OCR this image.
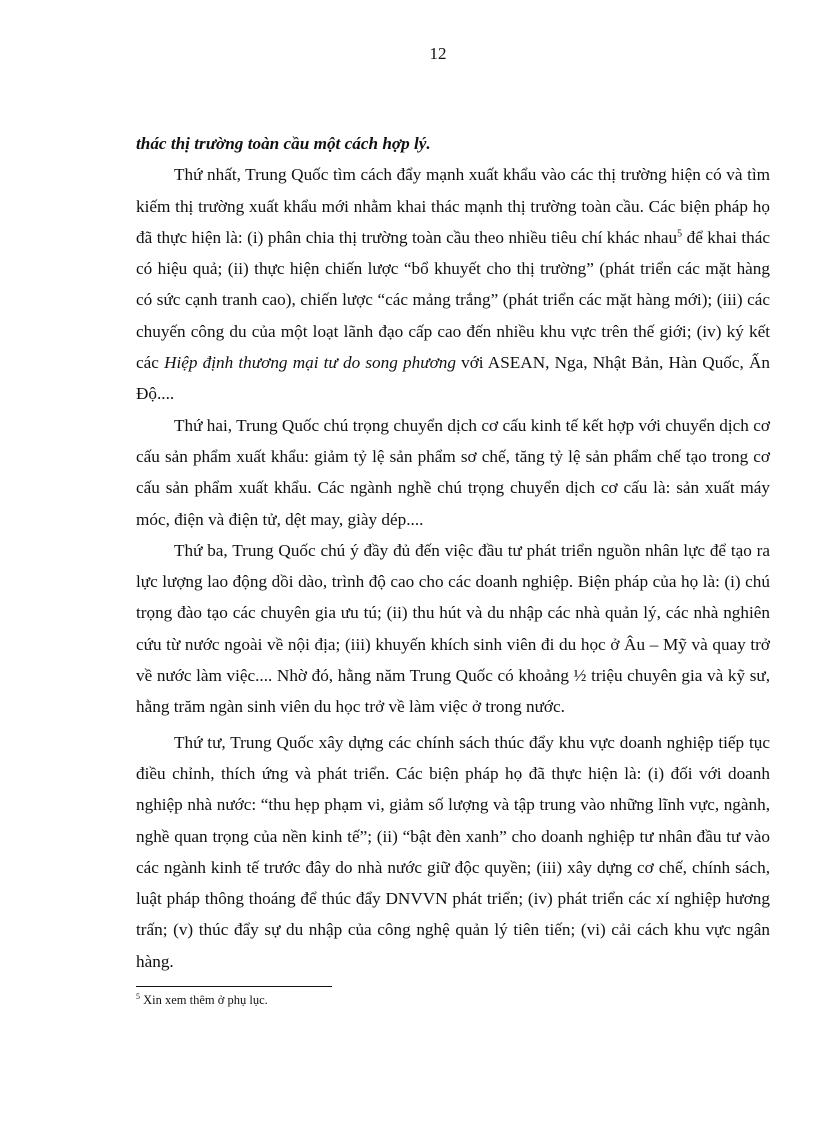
12

thác thị trường toàn cầu một cách hợp lý.

Thứ nhất, Trung Quốc tìm cách đẩy mạnh xuất khẩu vào các thị trường hiện có và tìm kiếm thị trường xuất khẩu mới nhằm khai thác mạnh thị trường toàn cầu. Các biện pháp họ đã thực hiện là: (i) phân chia thị trường toàn cầu theo nhiều tiêu chí khác nhau$^5$ để khai thác có hiệu quả; (ii) thực hiện chiến lược “bổ khuyết cho thị trường” (phát triển các mặt hàng có sức cạnh tranh cao), chiến lược “các mảng trắng” (phát triển các mặt hàng mới); (iii) các chuyến công du của một loạt lãnh đạo cấp cao đến nhiều khu vực trên thế giới; (iv) ký kết các Hiệp định thương mại tư do song phương với ASEAN, Nga, Nhật Bản, Hàn Quốc, Ấn Độ....

Thứ hai, Trung Quốc chú trọng chuyển dịch cơ cấu kinh tế kết hợp với chuyển dịch cơ cấu sản phẩm xuất khẩu: giảm tỷ lệ sản phẩm sơ chế, tăng tỷ lệ sản phẩm chế tạo trong cơ cấu sản phẩm xuất khẩu. Các ngành nghề chú trọng chuyển dịch cơ cấu là: sản xuất máy móc, điện và điện tử, dệt may, giày dép....

Thứ ba, Trung Quốc chú ý đầy đủ đến việc đầu tư phát triển nguồn nhân lực để tạo ra lực lượng lao động dồi dào, trình độ cao cho các doanh nghiệp. Biện pháp của họ là: (i) chú trọng đào tạo các chuyên gia ưu tú; (ii) thu hút và du nhập các nhà quản lý, các nhà nghiên cứu từ nước ngoài về nội địa; (iii) khuyến khích sinh viên đi du học ở Âu – Mỹ và quay trở về nước làm việc.... Nhờ đó, hằng năm Trung Quốc có khoảng ½ triệu chuyên gia và kỹ sư, hằng trăm ngàn sinh viên du học trở về làm việc ở trong nước.

Thứ tư, Trung Quốc xây dựng các chính sách thúc đẩy khu vực doanh nghiệp tiếp tục điều chỉnh, thích ứng và phát triển. Các biện pháp họ đã thực hiện là: (i) đối với doanh nghiệp nhà nước: “thu hẹp phạm vi, giảm số lượng và tập trung vào những lĩnh vực, ngành, nghề quan trọng của nền kinh tế”; (ii) “bật đèn xanh” cho doanh nghiệp tư nhân đầu tư vào các ngành kinh tế trước đây do nhà nước giữ độc quyền; (iii) xây dựng cơ chế, chính sách, luật pháp thông thoáng để thúc đẩy DNVVN phát triển; (iv) phát triển các xí nghiệp hương trấn; (v) thúc đẩy sự du nhập của công nghệ quản lý tiên tiến; (vi) cải cách khu vực ngân hàng.

$^5$ Xin xem thêm ở phụ lục.
